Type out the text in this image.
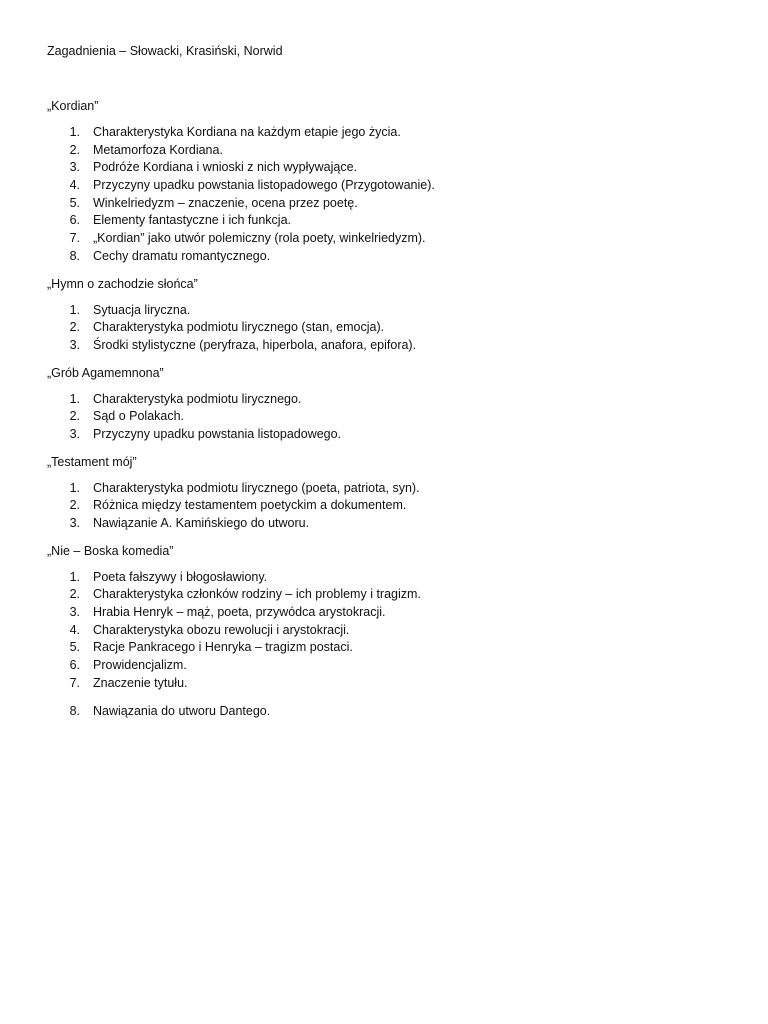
Zagadnienia – Słowacki, Krasiński, Norwid
„Kordian”
1.	Charakterystyka Kordiana na każdym etapie jego życia.
2.	Metamorfoza Kordiana.
3.	Podróże Kordiana i wnioski z nich wypływające.
4.	Przyczyny upadku powstania listopadowego (Przygotowanie).
5.	Winkelriedyzm – znaczenie, ocena przez poetę.
6.	Elementy fantastyczne i ich funkcja.
7.	„Kordian” jako utwór polemiczny (rola poety, winkelriedyzm).
8.	Cechy dramatu romantycznego.
„Hymn o zachodzie słońca”
1.	Sytuacja liryczna.
2.	Charakterystyka podmiotu lirycznego (stan, emocja).
3.	Środki stylistyczne (peryfraza, hiperbola, anafora, epifora).
„Grób Agamemnona”
1.	Charakterystyka podmiotu lirycznego.
2.	Sąd o Polakach.
3.	Przyczyny upadku powstania listopadowego.
„Testament mój”
1.	Charakterystyka podmiotu lirycznego (poeta, patriota, syn).
2.	Różnica między testamentem poetyckim a dokumentem.
3.	Nawiązanie A. Kamińskiego do utworu.
„Nie – Boska komedia”
1.	Poeta fałszywy i błogosławiony.
2.	Charakterystyka członków rodziny – ich problemy i tragizm.
3.	Hrabia Henryk – mąż, poeta, przywódca arystokracji.
4.	Charakterystyka obozu rewolucji i arystokracji.
5.	Racje Pankracego i Henryka – tragizm postaci.
6.	Prowidencjalizm.
7.	Znaczenie tytułu.
8.	Nawiązania do utworu Dantego.
